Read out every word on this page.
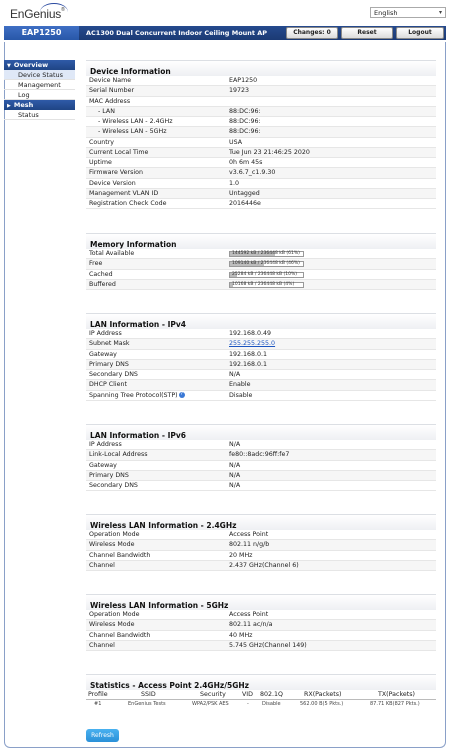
EnGenius®	English	▾
EAP1250	AC1300 Dual Concurrent Indoor Ceiling Mount AP	Changes: 0	Reset	Logout
▼ Overview
Device Status
Management
Log
▶ Mesh
Status
Device Information
Device Name	EAP1250
Serial Number	19723
MAC Address
- LAN	88:DC:96:
- Wireless LAN - 2.4GHz	88:DC:96:
- Wireless LAN - 5GHz	88:DC:96:
Country	USA
Current Local Time	Tue Jun 23 21:46:25 2020
Uptime	0h 6m 45s
Firmware Version	v3.6.7_c1.9.30
Device Version	1.0
Management VLAN ID	Untagged
Registration Check Code	2016446e
Memory Information
Total Available	144592 kB / 236448 kB (61%)
Free	109140 kB / 236448 kB (46%)
Cached	25284 kB / 236448 kB (10%)
Buffered	10168 kB / 236448 kB (4%)
LAN Information - IPv4
IP Address	192.168.0.49
Subnet Mask	255.255.255.0
Gateway	192.168.0.1
Primary DNS	192.168.0.1
Secondary DNS	N/A
DHCP Client	Enable
Spanning Tree Protocol(STP) ?	Disable
LAN Information - IPv6
IP Address	N/A
Link-Local Address	fe80::8adc:96ff:fe7
Gateway	N/A
Primary DNS	N/A
Secondary DNS	N/A
Wireless LAN Information - 2.4GHz
Operation Mode	Access Point
Wireless Mode	802.11 n/g/b
Channel Bandwidth	20 MHz
Channel	2.437 GHz(Channel 6)
Wireless LAN Information - 5GHz
Operation Mode	Access Point
Wireless Mode	802.11 ac/n/a
Channel Bandwidth	40 MHz
Channel	5.745 GHz(Channel 149)
Statistics - Access Point 2.4GHz/5GHz
Profile	SSID	Security	VID 802.1Q	RX(Packets)	TX(Packets)
#1	EnGenius Tests	WPA2/PSK AES	-	Disable	562.00 B(5 Pkts.)	87.71 KB(827 Pkts.)
Refresh
